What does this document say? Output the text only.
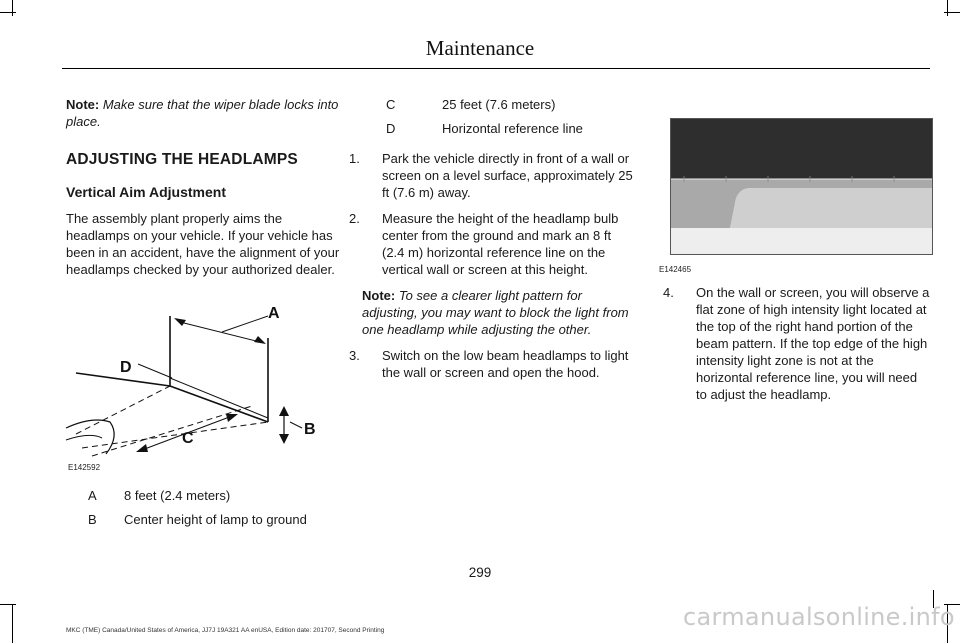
Maintenance
Note: Make sure that the wiper blade locks into place.
ADJUSTING THE HEADLAMPS
Vertical Aim Adjustment
The assembly plant properly aims the headlamps on your vehicle. If your vehicle has been in an accident, have the alignment of your headlamps checked by your authorized dealer.
A
B
C
D
E142592
A 8 feet (2.4 meters)
B Center height of lamp to ground
C	25 feet (7.6 meters)
D	Horizontal reference line
1.	Park the vehicle directly in front of a wall or screen on a level surface, approximately 25 ft (7.6 m) away.
2.	Measure the height of the headlamp bulb center from the ground and mark an 8 ft (2.4 m) horizontal reference line on the vertical wall or screen at this height.
Note: To see a clearer light pattern for adjusting, you may want to block the light from one headlamp while adjusting the other.
3.	Switch on the low beam headlamps to light the wall or screen and open the hood.
E142465
4.	On the wall or screen, you will observe a flat zone of high intensity light located at the top of the right hand portion of the beam pattern. If the top edge of the high intensity light zone is not at the horizontal reference line, you will need to adjust the headlamp.
299
MKC (TME) Canada/United States of America, JJ7J 19A321 AA enUSA, Edition date: 201707, Second Printing	carmanualsonline.info
